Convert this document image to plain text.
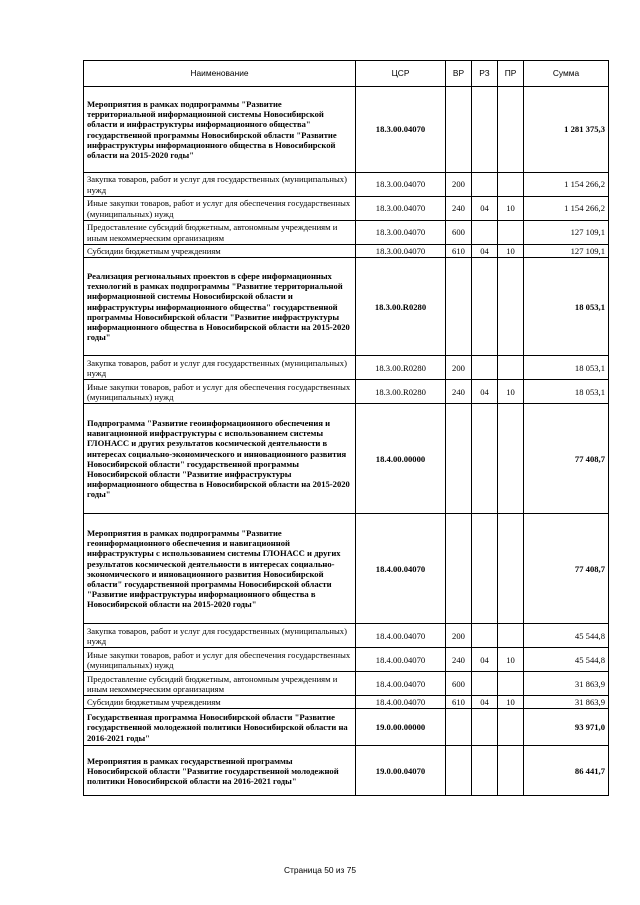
Наименование	ЦСР	ВР	РЗ	ПР	Сумма
Мероприятия в рамках подпрограммы "Развитие территориальной информационной системы Новосибирской области и инфраструктуры информационного общества" государственной программы Новосибирской области "Развитие инфраструктуры информационного общества в Новосибирской области на 2015-2020 годы"	18.3.00.04070				1 281 375,3
Закупка товаров, работ и услуг для государственных (муниципальных) нужд	18.3.00.04070	200			1 154 266,2
Иные закупки товаров, работ и услуг для обеспечения государственных (муниципальных) нужд	18.3.00.04070	240	04	10	1 154 266,2
Предоставление субсидий бюджетным, автономным учреждениям и иным некоммерческим организациям	18.3.00.04070	600			127 109,1
Субсидии бюджетным учреждениям	18.3.00.04070	610	04	10	127 109,1
Реализация региональных проектов в сфере информационных технологий в рамках подпрограммы "Развитие территориальной информационной системы Новосибирской области и инфраструктуры информационного общества" государственной программы Новосибирской области "Развитие инфраструктуры информационного общества в Новосибирской области на 2015-2020 годы"	18.3.00.R0280				18 053,1
Закупка товаров, работ и услуг для государственных (муниципальных) нужд	18.3.00.R0280	200			18 053,1
Иные закупки товаров, работ и услуг для обеспечения государственных (муниципальных) нужд	18.3.00.R0280	240	04	10	18 053,1
Подпрограмма "Развитие геоинформационного обеспечения и навигационной инфраструктуры с использованием системы ГЛОНАСС и других результатов космической деятельности в интересах социально-экономического и инновационного развития Новосибирской области" государственной программы Новосибирской области "Развитие инфраструктуры информационного общества в Новосибирской области на 2015-2020 годы"	18.4.00.00000				77 408,7
Мероприятия в рамках подпрограммы "Развитие геоинформационного обеспечения и навигационной инфраструктуры с использованием системы ГЛОНАСС и других результатов космической деятельности в интересах социально-экономического и инновационного развития Новосибирской области" государственной программы Новосибирской области "Развитие инфраструктуры информационного общества в Новосибирской области на 2015-2020 годы"	18.4.00.04070				77 408,7
Закупка товаров, работ и услуг для государственных (муниципальных) нужд	18.4.00.04070	200			45 544,8
Иные закупки товаров, работ и услуг для обеспечения государственных (муниципальных) нужд	18.4.00.04070	240	04	10	45 544,8
Предоставление субсидий бюджетным, автономным учреждениям и иным некоммерческим организациям	18.4.00.04070	600			31 863,9
Субсидии бюджетным учреждениям	18.4.00.04070	610	04	10	31 863,9
Государственная программа Новосибирской области "Развитие государственной молодежной политики Новосибирской области на 2016-2021 годы"	19.0.00.00000				93 971,0
Мероприятия в рамках государственной программы Новосибирской области "Развитие государственной молодежной политики Новосибирской области на 2016-2021 годы"	19.0.00.04070				86 441,7
Страница 50 из 75
